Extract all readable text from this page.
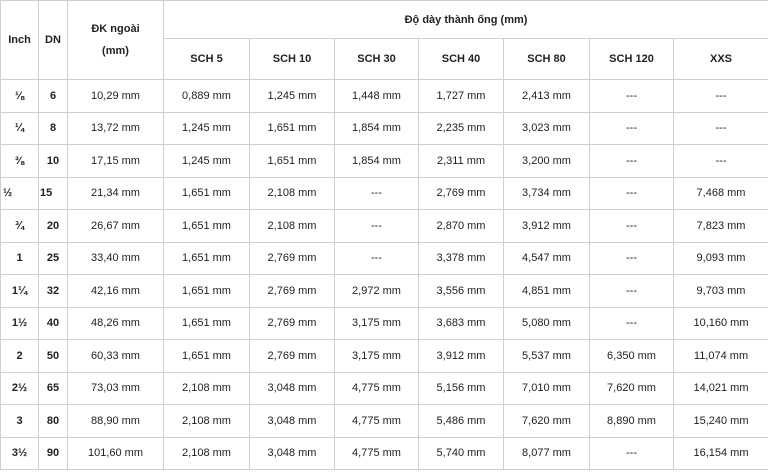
Inch	DN	ĐK ngoài
(mm)	Độ dày thành ống (mm)						
			SCH 5	SCH 10	SCH 30	SCH 40	SCH 80	SCH 120	XXS
⅛	6	10,29 mm	0,889 mm	1,245 mm	1,448 mm	1,727 mm	2,413 mm	---	---
¼	8	13,72 mm	1,245 mm	1,651 mm	1,854 mm	2,235 mm	3,023 mm	---	---
⅜	10	17,15 mm	1,245 mm	1,651 mm	1,854 mm	2,311 mm	3,200 mm	---	---
½	15	21,34 mm	1,651 mm	2,108 mm	---	2,769 mm	3,734 mm	---	7,468 mm
¾	20	26,67 mm	1,651 mm	2,108 mm	---	2,870 mm	3,912 mm	---	7,823 mm
1	25	33,40 mm	1,651 mm	2,769 mm	---	3,378 mm	4,547 mm	---	9,093 mm
1¼	32	42,16 mm	1,651 mm	2,769 mm	2,972 mm	3,556 mm	4,851 mm	---	9,703 mm
1½	40	48,26 mm	1,651 mm	2,769 mm	3,175 mm	3,683 mm	5,080 mm	---	10,160 mm
2	50	60,33 mm	1,651 mm	2,769 mm	3,175 mm	3,912 mm	5,537 mm	6,350 mm	11,074 mm
2½	65	73,03 mm	2,108 mm	3,048 mm	4,775 mm	5,156 mm	7,010 mm	7,620 mm	14,021 mm
3	80	88,90 mm	2,108 mm	3,048 mm	4,775 mm	5,486 mm	7,620 mm	8,890 mm	15,240 mm
3½	90	101,60 mm	2,108 mm	3,048 mm	4,775 mm	5,740 mm	8,077 mm	---	16,154 mm
